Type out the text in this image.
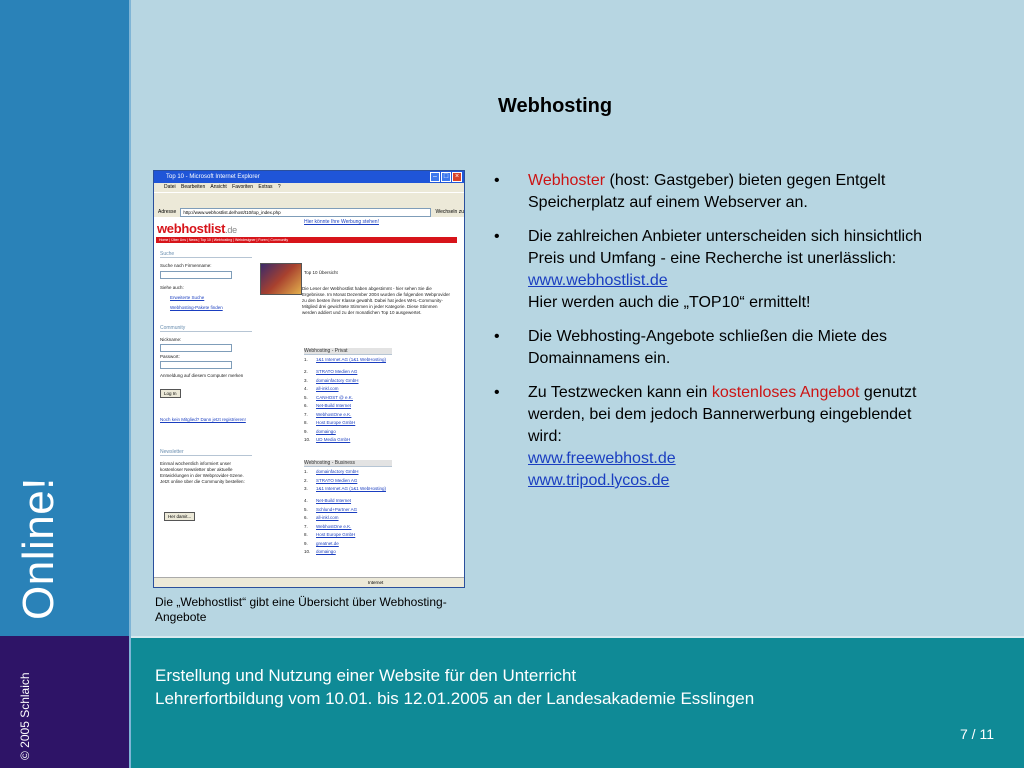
Online!
© 2005 Schlaich
Webhosting
Top 10 - Microsoft Internet Explorer	– □ ×
Datei Bearbeiten Ansicht Favoriten Extras ?
Adresse	http://www.webhostlist.de/host/t10/top_index.php	Wechseln zu
webhostlist.de
Hier könnte Ihre Werbung stehen!
Home | Über Uns | News | Top 10 | Webhosting | Webdesigner | Foren | Community
Suche
Suche nach Firmenname:
Siehe auch:
Erweiterte Suche
Webhosting-Pakete finden
Community
Nickname:
Passwort:
Anmeldung auf diesem Computer merken
Log In
Noch kein Mitglied? Dann jetzt registrieren!
Newsletter
Einmal wöchentlich informiert unser kostenloser Newsletter über aktuelle Entwicklungen in der Webprovider-Szene. Jetzt online über die Community bestellen:
Her damit...
Top 10 Übersicht
Die Leser der Webhostlist haben abgestimmt - hier sehen Sie die Ergebnisse. Im Monat Dezember 2004 wurden die folgenden Webprovider zu den besten ihrer Klasse gewählt. Dabei hat jedes WHL-Community-Mitglied drei gewichtete Stimmen in jeder Kategorie. Diese Stimmen werden addiert und zu der monatlichen Top 10 ausgewertet.
Webhosting - Privat
1. 1&1 Internet AG (1&1 WebHosting)
2. STRATO Medien AG
3. domainfactory GmbH
4. all-inkl.com
5. CANHOST @ e.K.
6. Net-Build Internet
7. WebhostOne e.K.
8. Host Europe GmbH
9. domaingo
10. UD Media GmbH
Webhosting - Business
1. domainfactory GmbH
2. STRATO Medien AG
3. 1&1 Internet AG (1&1 WebHosting)
4. Net-Build Internet
5. Schlund+Partner AG
6. all-inkl.com
7. WebhostOne e.K.
8. Host Europe GmbH
9. greatnet.de
10. domaingo
Internet
Die „Webhostlist“ gibt eine Übersicht über Webhosting-Angebote
• Webhoster (host: Gastgeber) bieten gegen Entgelt Speicherplatz auf einem Webserver an.
• Die zahlreichen Anbieter unterscheiden sich hinsichtlich Preis und Umfang - eine Recherche ist unerlässlich:
www.webhostlist.de
Hier werden auch die „TOP10“ ermittelt!
• Die Webhosting-Angebote schließen die Miete des Domainnamens ein.
• Zu Testzwecken kann ein kostenloses Angebot genutzt werden, bei dem jedoch Bannerwerbung eingeblendet wird:
www.freewebhost.de
www.tripod.lycos.de
Erstellung und Nutzung einer Website für den Unterricht
Lehrerfortbildung vom 10.01. bis 12.01.2005 an der Landesakademie Esslingen
7 / 11
